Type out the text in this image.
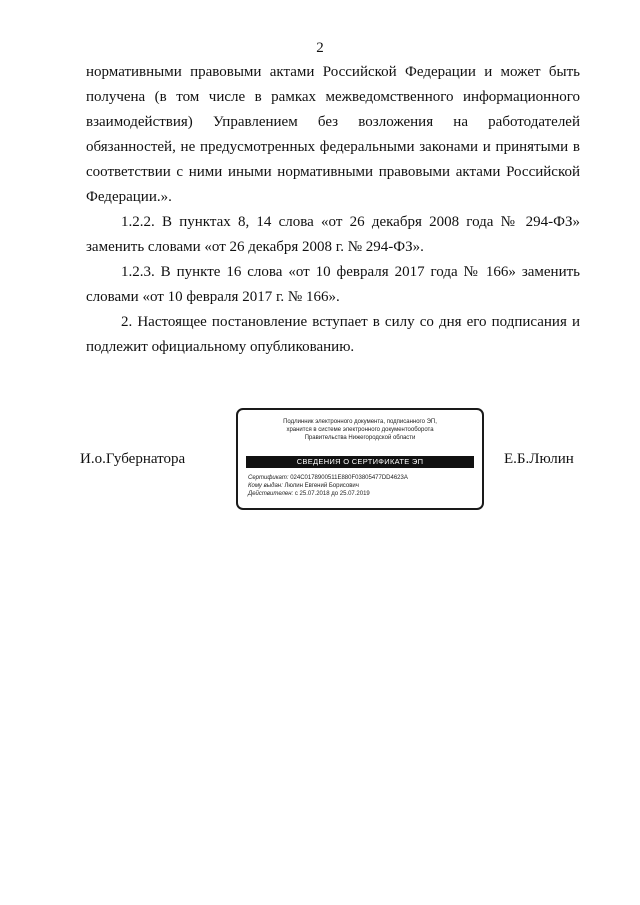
2

нормативными правовыми актами Российской Федерации и может быть получена (в том числе в рамках межведомственного информационного взаимодействия) Управлением без возложения на работодателей обязанностей, не предусмотренных федеральными законами и принятыми в соответствии с ними иными нормативными правовыми актами Российской Федерации.».

1.2.2. В пунктах 8, 14 слова «от 26 декабря 2008 года № 294-ФЗ» заменить словами «от 26 декабря 2008 г. № 294-ФЗ».

1.2.3. В пункте 16 слова «от 10 февраля 2017 года № 166» заменить словами «от 10 февраля 2017 г. № 166».

2. Настоящее постановление вступает в силу со дня его подписания и подлежит официальному опубликованию.

И.о.Губернатора
Подлинник электронного документа, подписанного ЭП,
хранится в системе электронного документооборота
Правительства Нижегородской области
СВЕДЕНИЯ О СЕРТИФИКАТЕ ЭП
Сертификат: 024C0178900511E880F03805477DD4623A
Кому выдан: Люлин Евгений Борисович
Действителен: с 25.07.2018 до 25.07.2019
Е.Б.Люлин
